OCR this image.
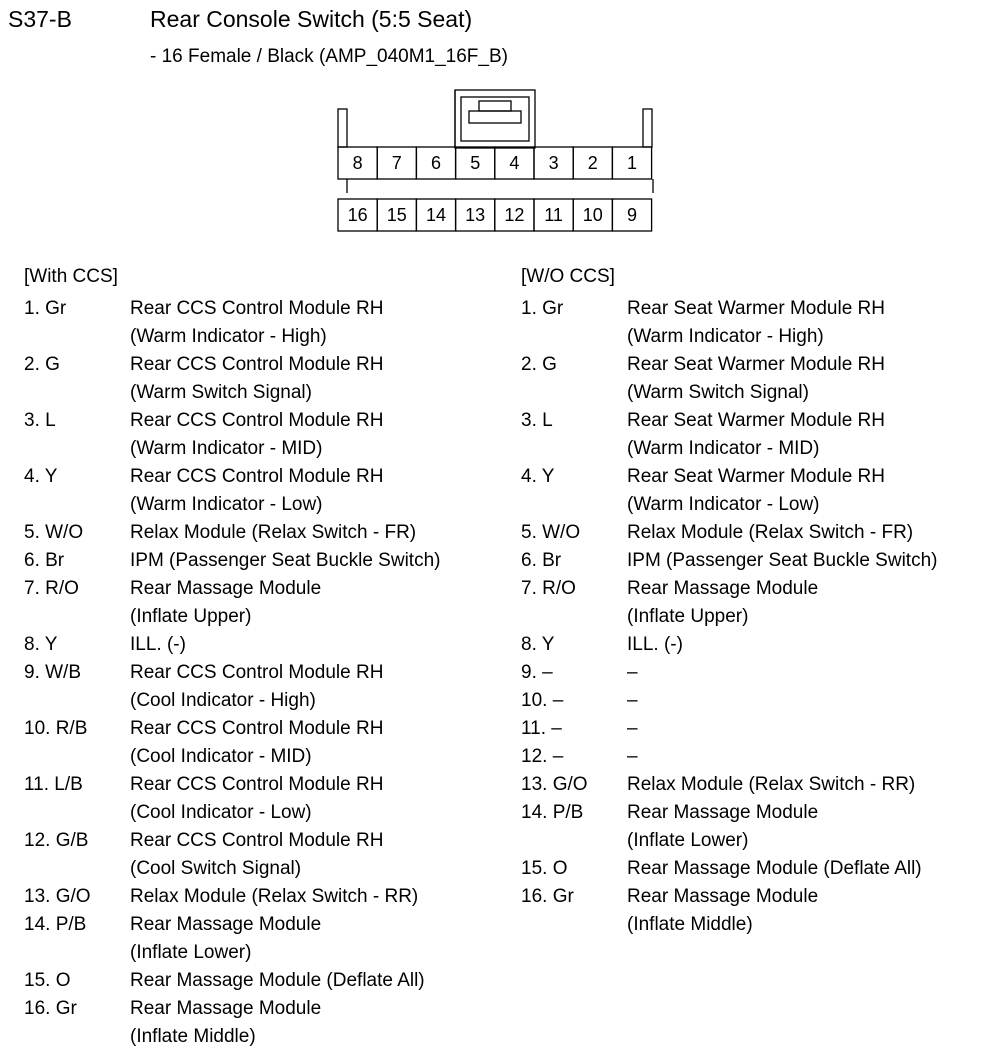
S37-B	Rear Console Switch (5:5 Seat)
- 16 Female / Black (AMP_040M1_16F_B)
8 7 6 5 4 3 2 1
16 15 14 13 12 11 10 9
[With CCS]
1. Gr	Rear CCS Control Module RH
(Warm Indicator - High)
2. G	Rear CCS Control Module RH
(Warm Switch Signal)
3. L	Rear CCS Control Module RH
(Warm Indicator - MID)
4. Y	Rear CCS Control Module RH
(Warm Indicator - Low)
5. W/O	Relax Module (Relax Switch - FR)
6. Br	IPM (Passenger Seat Buckle Switch)
7. R/O	Rear Massage Module
(Inflate Upper)
8. Y	ILL. (-)
9. W/B	Rear CCS Control Module RH
(Cool Indicator - High)
10. R/B	Rear CCS Control Module RH
(Cool Indicator - MID)
11. L/B	Rear CCS Control Module RH
(Cool Indicator - Low)
12. G/B	Rear CCS Control Module RH
(Cool Switch Signal)
13. G/O	Relax Module (Relax Switch - RR)
14. P/B	Rear Massage Module
(Inflate Lower)
15. O	Rear Massage Module (Deflate All)
16. Gr	Rear Massage Module
(Inflate Middle)
[W/O CCS]
1. Gr	Rear Seat Warmer Module RH
(Warm Indicator - High)
2. G	Rear Seat Warmer Module RH
(Warm Switch Signal)
3. L	Rear Seat Warmer Module RH
(Warm Indicator - MID)
4. Y	Rear Seat Warmer Module RH
(Warm Indicator - Low)
5. W/O	Relax Module (Relax Switch - FR)
6. Br	IPM (Passenger Seat Buckle Switch)
7. R/O	Rear Massage Module
(Inflate Upper)
8. Y	ILL. (-)
9. –	–
10. –	–
11. –	–
12. –	–
13. G/O	Relax Module (Relax Switch - RR)
14. P/B	Rear Massage Module
(Inflate Lower)
15. O	Rear Massage Module (Deflate All)
16. Gr	Rear Massage Module
(Inflate Middle)
